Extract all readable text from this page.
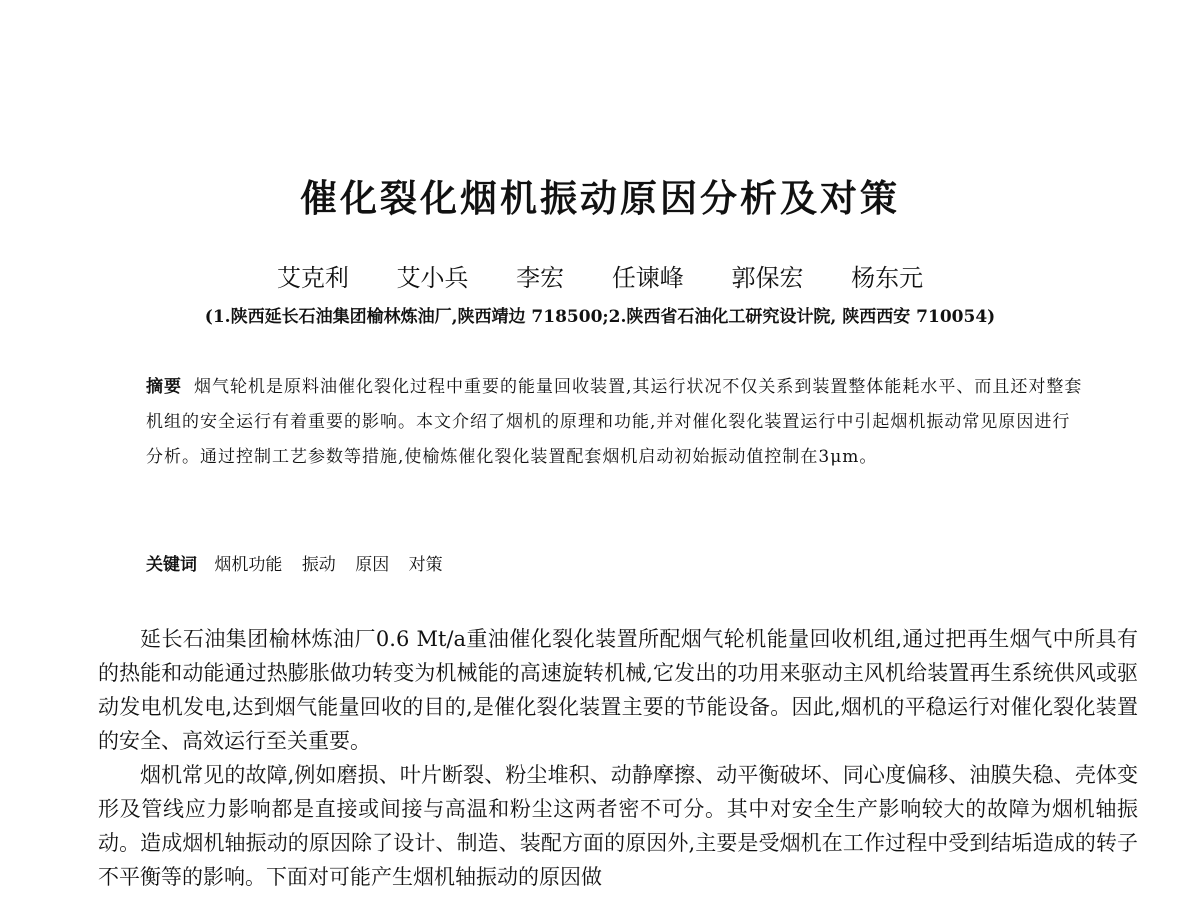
催化裂化烟机振动原因分析及对策
艾克利 艾小兵 李宏 任谏峰 郭保宏 杨东元
(1.陕西延长石油集团榆林炼油厂,陕西靖边 718500;2.陕西省石油化工研究设计院, 陕西西安 710054)
摘要 烟气轮机是原料油催化裂化过程中重要的能量回收装置,其运行状况不仅关系到装置整体能耗水平、而且还对整套机组的安全运行有着重要的影响。本文介绍了烟机的原理和功能,并对催化裂化装置运行中引起烟机振动常见原因进行分析。通过控制工艺参数等措施,使榆炼催化裂化装置配套烟机启动初始振动值控制在3μm。
关键词 烟机功能 振动 原因 对策

延长石油集团榆林炼油厂0.6 Mt/a重油催化裂化装置所配烟气轮机能量回收机组,通过把再生烟气中所具有的热能和动能通过热膨胀做功转变为机械能的高速旋转机械,它发出的功用来驱动主风机给装置再生系统供风或驱动发电机发电,达到烟气能量回收的目的,是催化裂化装置主要的节能设备。因此,烟机的平稳运行对催化裂化装置的安全、高效运行至关重要。

烟机常见的故障,例如磨损、叶片断裂、粉尘堆积、动静摩擦、动平衡破坏、同心度偏移、油膜失稳、壳体变形及管线应力影响都是直接或间接与高温和粉尘这两者密不可分。其中对安全生产影响较大的故障为烟机轴振动。造成烟机轴振动的原因除了设计、制造、装配方面的原因外,主要是受烟机在工作过程中受到结垢造成的转子不平衡等的影响。下面对可能产生烟机轴振动的原因做
